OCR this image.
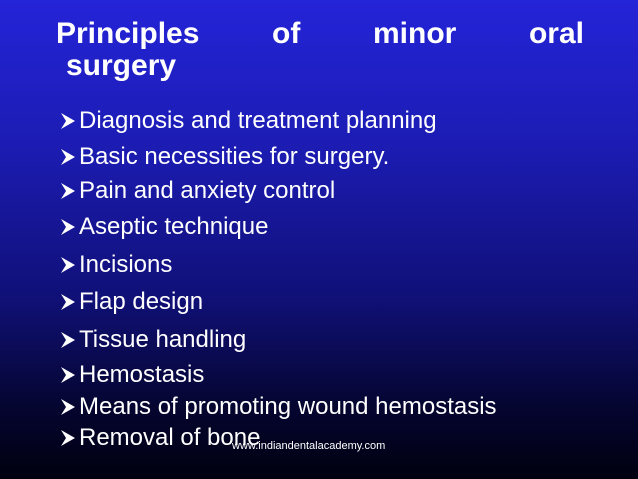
Principles of minor oral
surgery
Diagnosis and treatment planning
Basic necessities for surgery.
Pain and anxiety control
Aseptic technique
Incisions
Flap design
Tissue handling
Hemostasis
Means of promoting wound hemostasis
Removal of bone
www.indiandentalacademy.com
